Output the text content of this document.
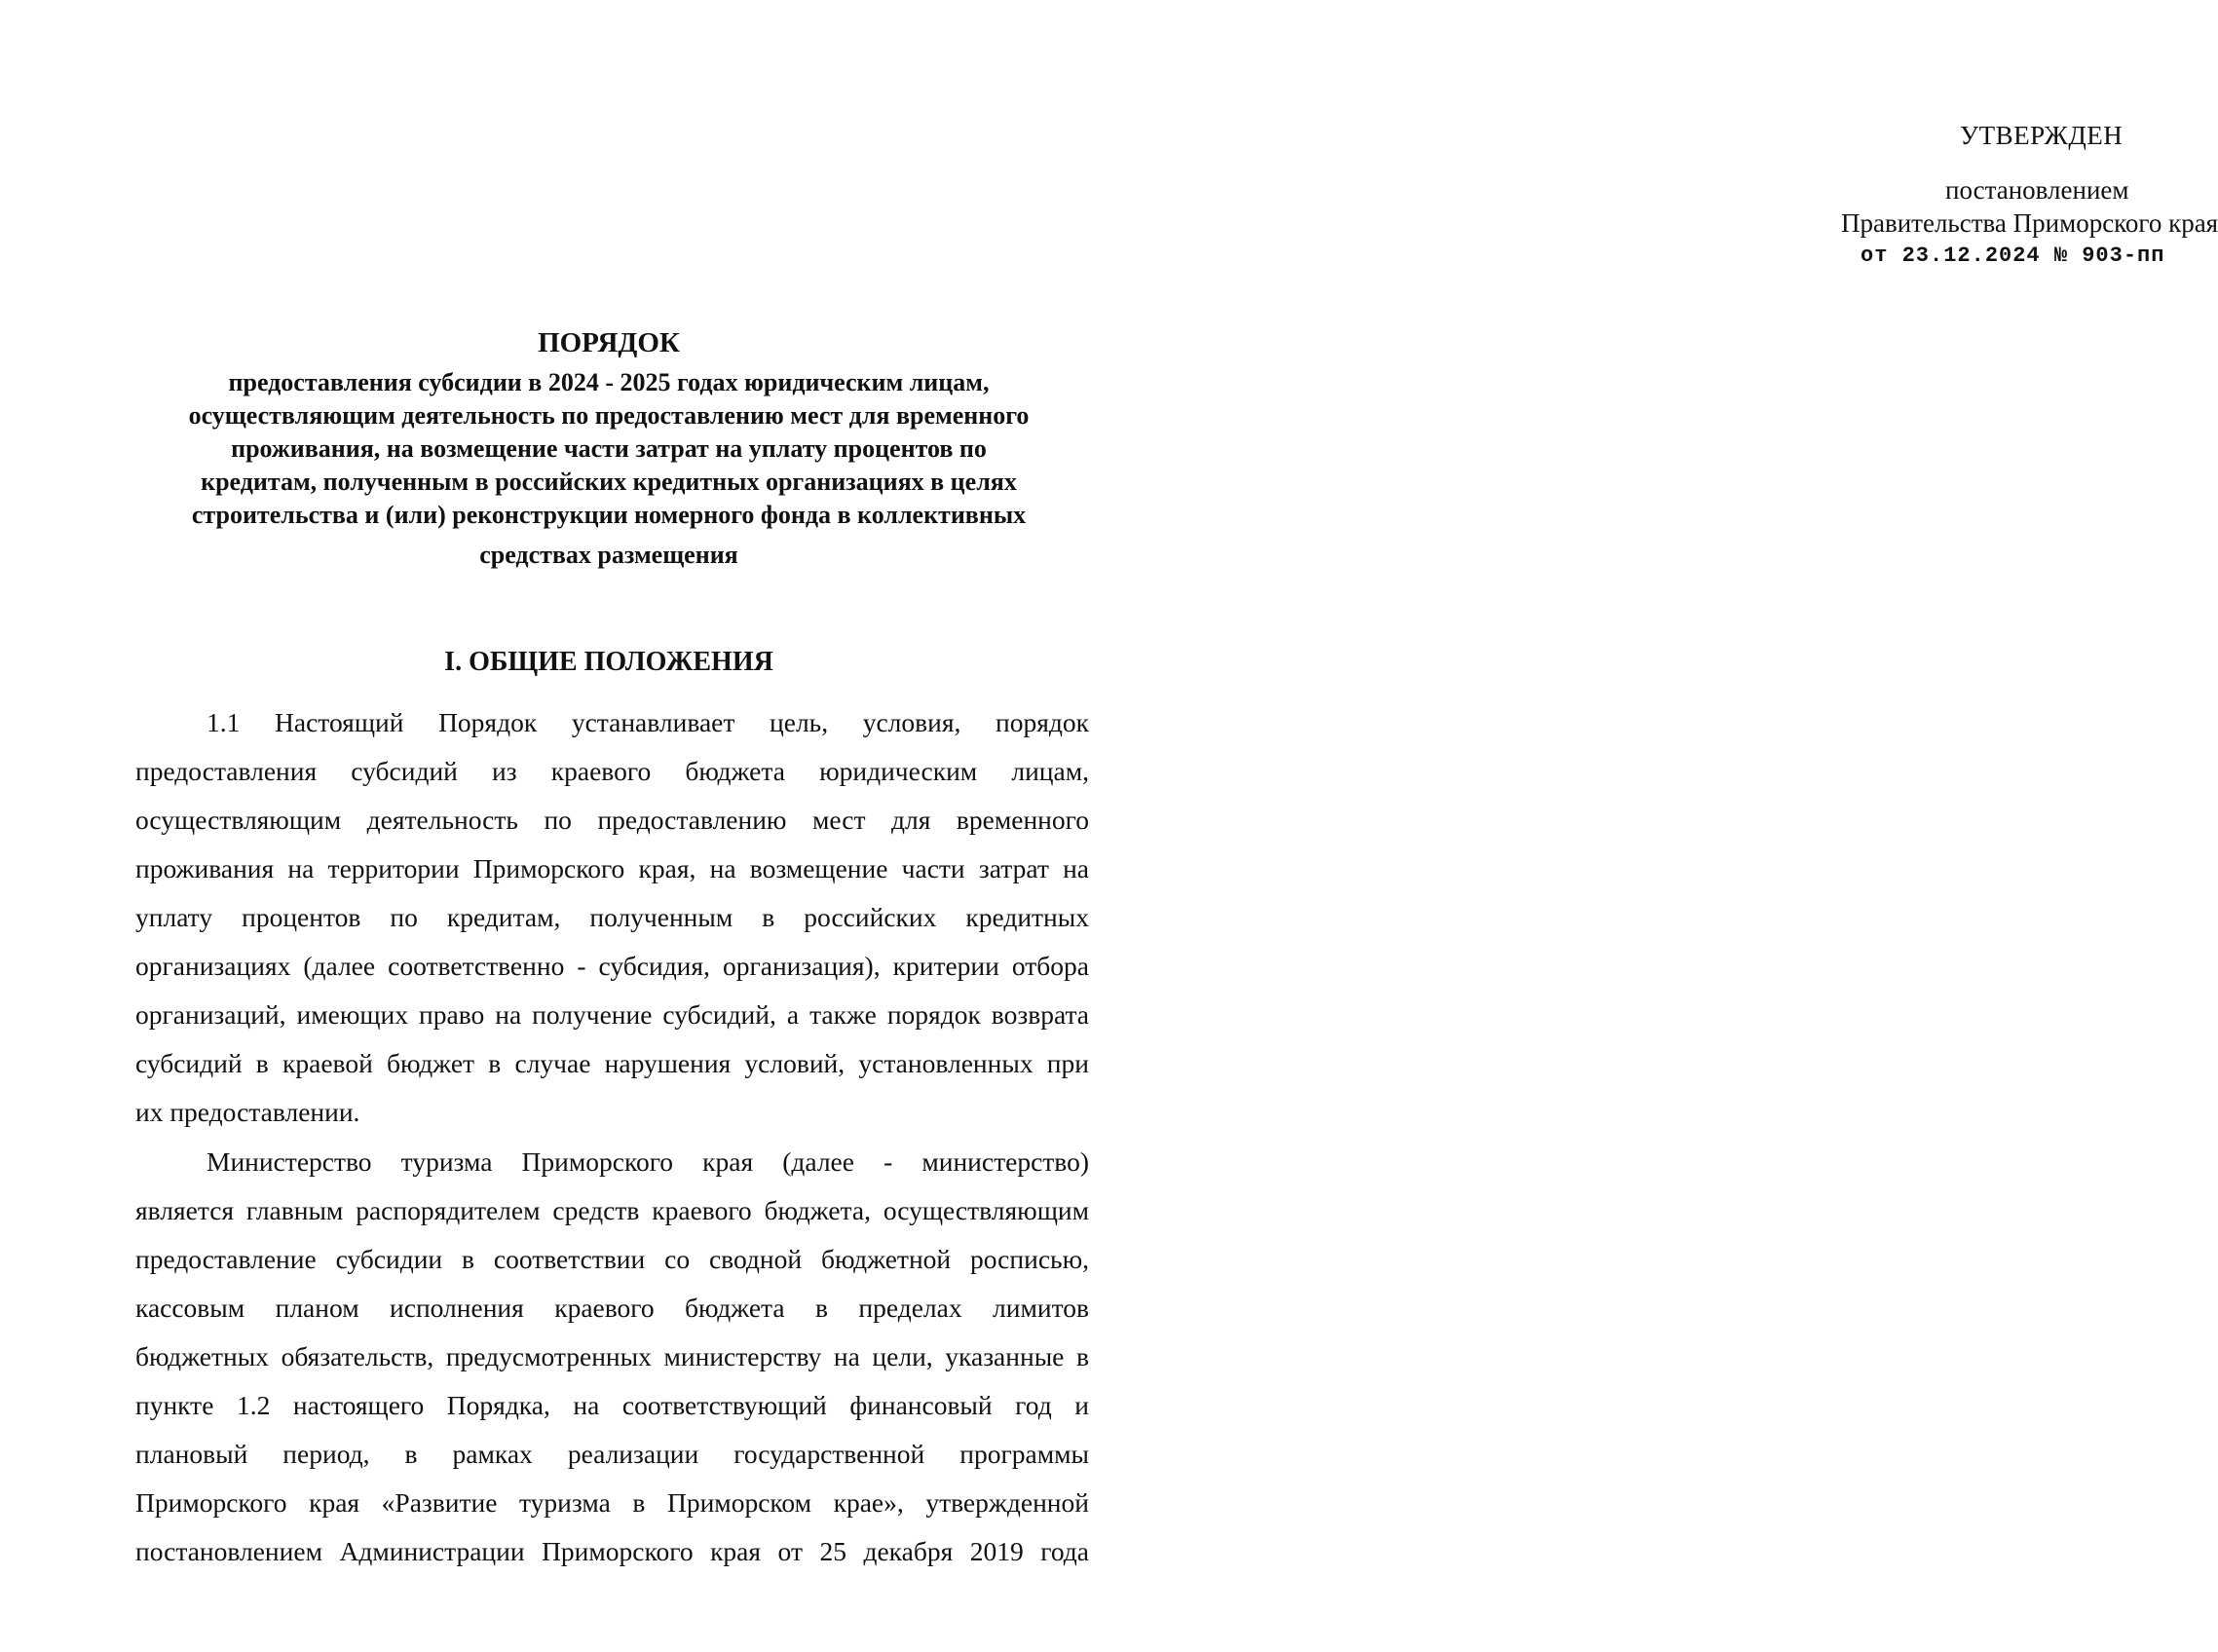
УТВЕРЖДЕН
постановлением
Правительства Приморского края
от 23.12.2024 № 903-пп
ПОРЯДОК
предоставления субсидии в 2024 - 2025 годах юридическим лицам,
осуществляющим деятельность по предоставлению мест для временного
проживания, на возмещение части затрат на уплату процентов по
кредитам, полученным в российских кредитных организациях в целях
строительства и (или) реконструкции номерного фонда в коллективных
средствах размещения
I. ОБЩИЕ ПОЛОЖЕНИЯ
1.1 Настоящий Порядок устанавливает цель, условия, порядок
предоставления субсидий из краевого бюджета юридическим лицам,
осуществляющим деятельность по предоставлению мест для временного
проживания на территории Приморского края, на возмещение части затрат на
уплату процентов по кредитам, полученным в российских кредитных
организациях (далее соответственно - субсидия, организация), критерии отбора
организаций, имеющих право на получение субсидий, а также порядок возврата
субсидий в краевой бюджет в случае нарушения условий, установленных при
их предоставлении.
Министерство туризма Приморского края (далее - министерство)
является главным распорядителем средств краевого бюджета, осуществляющим
предоставление субсидии в соответствии со сводной бюджетной росписью,
кассовым планом исполнения краевого бюджета в пределах лимитов
бюджетных обязательств, предусмотренных министерству на цели, указанные в
пункте 1.2 настоящего Порядка, на соответствующий финансовый год и
плановый период, в рамках реализации государственной программы
Приморского края «Развитие туризма в Приморском крае», утвержденной
постановлением Администрации Приморского края от 25 декабря 2019 года
